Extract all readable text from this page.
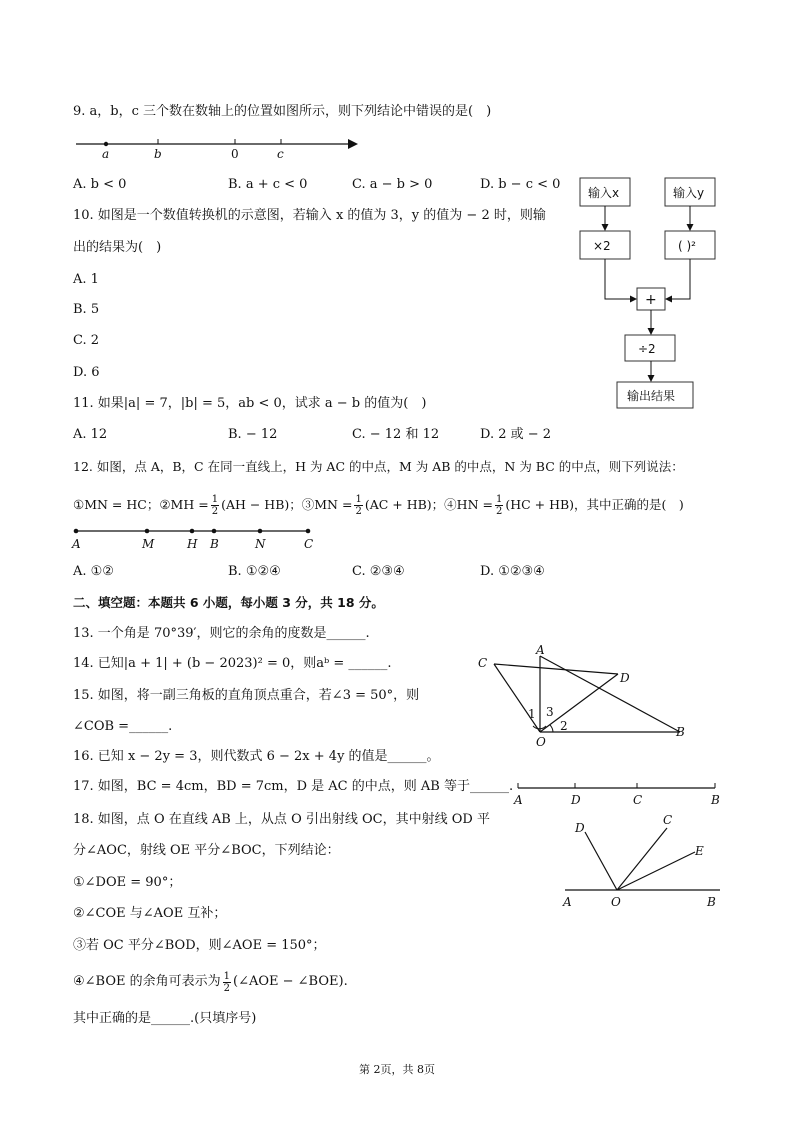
9. a，b，c 三个数在数轴上的位置如图所示，则下列结论中错误的是(　)
a	b	0	c
A. b < 0	B. a + c < 0	C. a − b > 0	D. b − c < 0
10. 如图是一个数值转换机的示意图，若输入 x 的值为 3，y 的值为 − 2 时，则输
出的结果为(　)
A. 1
B. 5
C. 2
D. 6
输入x	输入y
×2	( )²
+
÷2
输出结果
11. 如果|a| = 7，|b| = 5，ab < 0，试求 a − b 的值为(　)
A. 12	B. − 12	C. − 12 和 12	D. 2 或 − 2
12. 如图，点 A，B，C 在同一直线上，H 为 AC 的中点，M 为 AB 的中点，N 为 BC 的中点，则下列说法：
①MN = HC；②MH = $\frac{1}{2} (AH - HB)$；③MN = $\frac{1}{2} (AC + HB)$；④HN = $\frac{1}{2} (HC + HB)$，其中正确的是(　)
A	M	H B	N	C
A. ①②	B. ①②④	C. ②③④	D. ①②③④
二、填空题：本题共 6 小题，每小题 3 分，共 18 分。
13. 一个角是 70°39′，则它的余角的度数是______.
14. 已知|a + 1| + (b − 2023)² = 0，则aᵇ = ______.
15. 如图，将一副三角板的直角顶点重合，若∠3 = 50°，则
∠COB =______.
C
A
D
B
O
1 3
2
16. 已知 x − 2y = 3，则代数式 6 − 2x + 4y 的值是______。
17. 如图，BC = 4cm，BD = 7cm，D 是 AC 的中点，则 AB 等于______.
A	D	C	B
18. 如图，点 O 在直线 AB 上，从点 O 引出射线 OC，其中射线 OD 平
分∠AOC，射线 OE 平分∠BOC，下列结论：
①∠DOE = 90°；
②∠COE 与∠AOE 互补；
③若 OC 平分∠BOD，则∠AOE = 150°；
④∠BOE 的余角可表示为 $\frac{1}{2}$ (∠AOE − ∠BOE).
其中正确的是______.(只填序号)
D
C
E
A	O	B
第 2页，共 8页
